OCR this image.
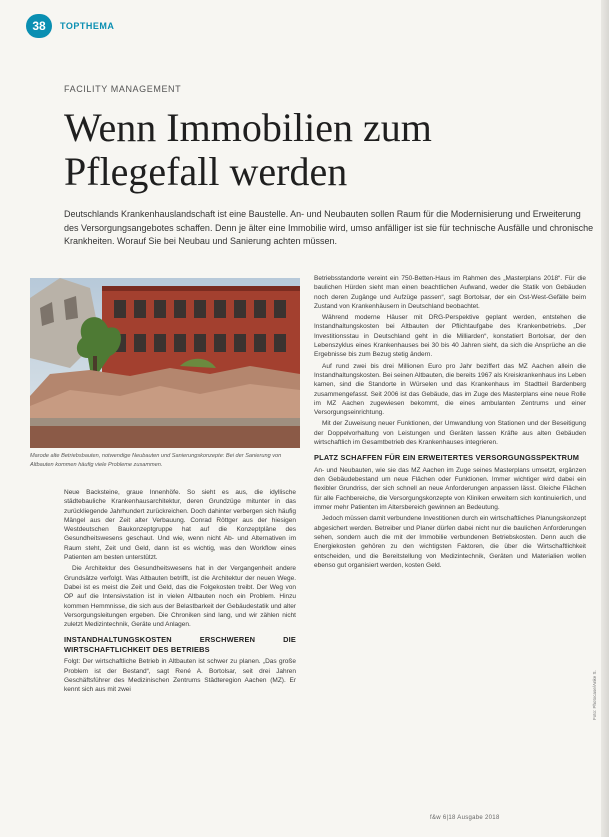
38	TOPTHEMA
FACILITY MANAGEMENT
Wenn Immobilien zum Pflegefall werden

Deutschlands Krankenhauslandschaft ist eine Baustelle. An- und Neubauten sollen Raum für die Modernisierung und Erweiterung des Versorgungsangebotes schaffen. Denn je älter eine Immobilie wird, umso anfälliger ist sie für technische Ausfälle und chronische Krankheiten. Worauf Sie bei Neubau und Sanierung achten müssen.

Marode alte Betriebsbauten, notwendige Neubauten und Sanierungskonzepte: Bei der Sanierung von Altbauten kommen häufig viele Probleme zusammen.

Neue Backsteine, graue Innenhöfe. So sieht es aus, die idyllische städtebauliche Krankenhausarchitektur, deren Grundzüge mitunter in das zurückliegende Jahrhundert zurückreichen. Doch dahinter verbergen sich häufig Mängel aus der Zeit alter Verbauung. Conrad Röttger aus der hiesigen Westdeutschen Baukonzeptgruppe hat auf die Konzeptpläne des Gesundheitswesens geschaut. Und wie, wenn nicht Ab- und Alternativen im Raum steht, Zeit und Geld, dann ist es wichtig, was den Workflow eines Patienten am besten unterstützt.

Die Architektur des Gesundheitswesens hat in der Vergangenheit andere Grundsätze verfolgt. Was Altbauten betrifft, ist die Architektur der neuen Wege. Dabei ist es meist die Zeit und Geld, das die Folgekosten treibt. Der Weg von OP auf die Intensivstation ist in vielen Altbauten noch ein Problem. Hinzu kommen Hemmnisse, die sich aus der Belastbarkeit der Gebäudestatik und alter Versorgungsleitungen ergeben. Die Chroniken sind lang, und wir zählen nicht zuletzt Medizintechnik, Geräte und Anlagen.

INSTANDHALTUNGSKOSTEN ERSCHWEREN DIE WIRTSCHAFTLICHKEIT DES BETRIEBS

Folgt: Der wirtschaftliche Betrieb in Altbauten ist schwer zu planen. „Das große Problem ist der Bestand“, sagt René A. Bortolsar, seit drei Jahren Geschäftsführer des Medizinischen Zentrums Städteregion Aachen (MZ). Er kennt sich aus mit zwei

Betriebsstandorte vereint ein 750-Betten-Haus im Rahmen des „Masterplans 2018“. Für die baulichen Hürden sieht man einen beachtlichen Aufwand, weder die Statik von Gebäuden noch deren Zugänge und Aufzüge passen“, sagt Bortolsar, der ein Ost-West-Gefälle beim Zustand von Krankenhäusern in Deutschland beobachtet.

Während moderne Häuser mit DRG-Perspektive geplant werden, entstehen die Instandhaltungskosten bei Altbauten der Pflichtaufgabe des Krankenbetriebs. „Der Investitionsstau in Deutschland geht in die Milliarden“, konstatiert Bortolsar, der den Lebenszyklus eines Krankenhauses bei 30 bis 40 Jahren sieht, da sich die Ansprüche an die Ergebnisse bis zum Bezug stetig ändern.

Auf rund zwei bis drei Millionen Euro pro Jahr beziffert das MZ Aachen allein die Instandhaltungskosten. Bei seinen Altbauten, die bereits 1967 als Kreiskrankenhaus ins Leben kamen, sind die Standorte in Würselen und das Krankenhaus im Stadtteil Bardenberg zusammengefasst. Seit 2006 ist das Gebäude, das im Zuge des Masterplans eine neue Rolle im MZ Aachen zugewiesen bekommt, die eines ambulanten Zentrums und einer Versorgungseinrichtung.

Mit der Zuweisung neuer Funktionen, der Umwandlung von Stationen und der Beseitigung der Doppelvorhaltung von Leistungen und Geräten lassen Kräfte aus alten Gebäuden wirtschaftlich im Gesamtbetrieb des Krankenhauses integrieren.

PLATZ SCHAFFEN FÜR EIN ERWEITERTES VERSORGUNGSSPEKTRUM

An- und Neubauten, wie sie das MZ Aachen im Zuge seines Masterplans umsetzt, ergänzen den Gebäudebestand um neue Flächen oder Funktionen. Immer wichtiger wird dabei ein flexibler Grundriss, der sich schnell an neue Anforderungen anpassen lässt. Gleiche Flächen für alle Fachbereiche, die Versorgungskonzepte von Kliniken erweitern sich kontinuierlich, und immer mehr Patienten im Altersbereich gewinnen an Bedeutung.

Jedoch müssen damit verbundene Investitionen durch ein wirtschaftliches Planungskonzept abgesichert werden. Betreiber und Planer dürfen dabei nicht nur die baulichen Anforderungen sehen, sondern auch die mit der Immobilie verbundenen Betriebskosten. Denn auch die Energiekosten gehören zu den wichtigsten Faktoren, die über die Wirtschaftlichkeit entscheiden, und die Bereitstellung von Medizintechnik, Geräten und Materialien wollen ebenso gut organisiert werden, kosten Geld.

Foto: Photocase/Anke S.
f&w 6|18 Ausgabe 2018
